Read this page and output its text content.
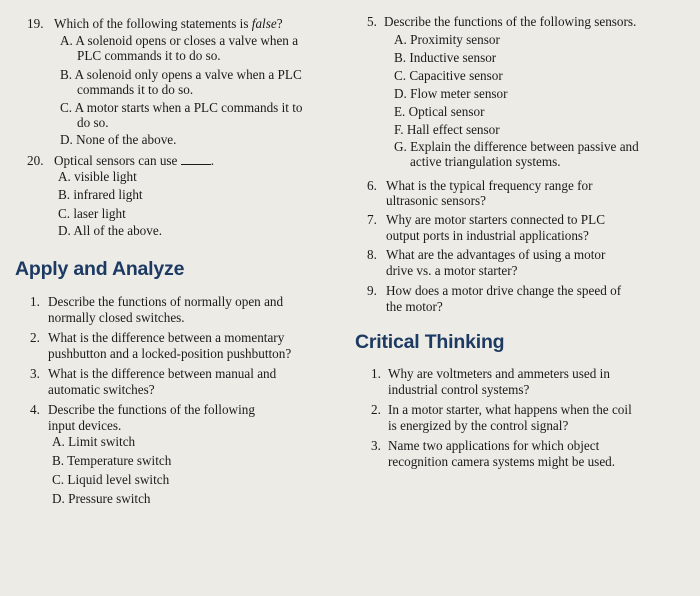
19. Which of the following statements is false?
A. A solenoid opens or closes a valve when a
PLC commands it to do so.
B. A solenoid only opens a valve when a PLC
commands it to do so.
C. A motor starts when a PLC commands it to
do so.
D. None of the above.
20. Optical sensors can use	.
A. visible light
B. infrared light
C. laser light
D. All of the above.
Apply and Analyze
1. Describe the functions of normally open and
normally closed switches.
2. What is the difference between a momentary
pushbutton and a locked-position pushbutton?
3. What is the difference between manual and
automatic switches?
4. Describe the functions of the following
input devices.
A. Limit switch
B. Temperature switch
C. Liquid level switch
D. Pressure switch
5. Describe the functions of the following sensors.
A. Proximity sensor
B. Inductive sensor
C. Capacitive sensor
D. Flow meter sensor
E. Optical sensor
F. Hall effect sensor
G. Explain the difference between passive and
active triangulation systems.
6. What is the typical frequency range for
ultrasonic sensors?
7. Why are motor starters connected to PLC
output ports in industrial applications?
8. What are the advantages of using a motor
drive vs. a motor starter?
9. How does a motor drive change the speed of
the motor?
Critical Thinking
1. Why are voltmeters and ammeters used in
industrial control systems?
2. In a motor starter, what happens when the coil
is energized by the control signal?
3. Name two applications for which object
recognition camera systems might be used.
